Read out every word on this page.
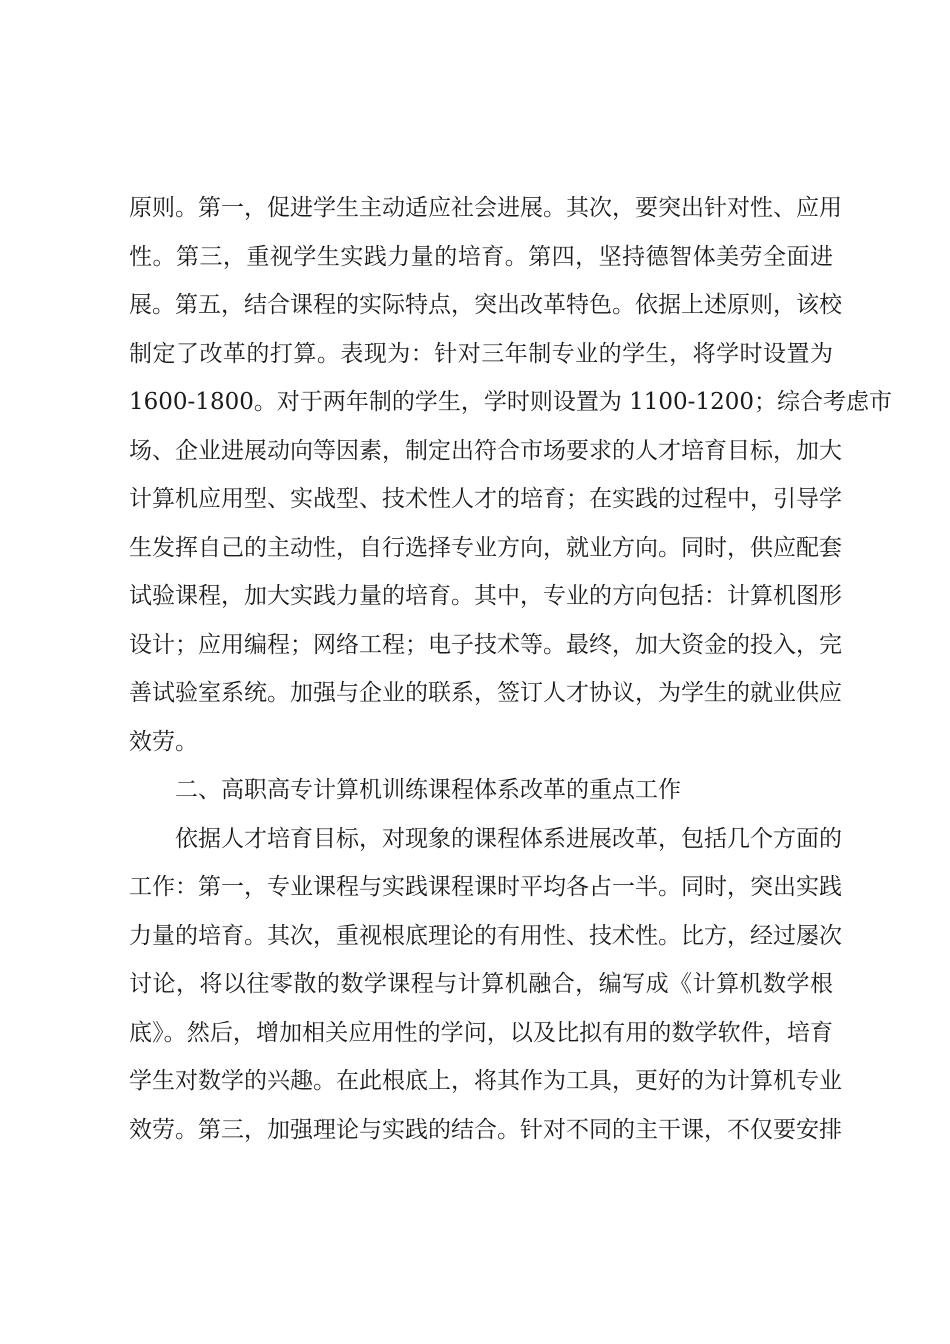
原则。第一，促进学生主动适应社会进展。其次，要突出针对性、应用
性。第三，重视学生实践力量的培育。第四，坚持德智体美劳全面进
展。第五，结合课程的实际特点，突出改革特色。依据上述原则，该校
制定了改革的打算。表现为：针对三年制专业的学生，将学时设置为
1600-1800。对于两年制的学生，学时则设置为 1100-1200；综合考虑市
场、企业进展动向等因素，制定出符合市场要求的人才培育目标，加大
计算机应用型、实战型、技术性人才的培育；在实践的过程中，引导学
生发挥自己的主动性，自行选择专业方向，就业方向。同时，供应配套
试验课程，加大实践力量的培育。其中，专业的方向包括：计算机图形
设计；应用编程；网络工程；电子技术等。最终，加大资金的投入，完
善试验室系统。加强与企业的联系，签订人才协议，为学生的就业供应
效劳。
二、高职高专计算机训练课程体系改革的重点工作
依据人才培育目标，对现象的课程体系进展改革，包括几个方面的
工作：第一，专业课程与实践课程课时平均各占一半。同时，突出实践
力量的培育。其次，重视根底理论的有用性、技术性。比方，经过屡次
讨论，将以往零散的数学课程与计算机融合，编写成《计算机数学根
底》。然后，增加相关应用性的学问，以及比拟有用的数学软件，培育
学生对数学的兴趣。在此根底上，将其作为工具，更好的为计算机专业
效劳。第三，加强理论与实践的结合。针对不同的主干课，不仅要安排
